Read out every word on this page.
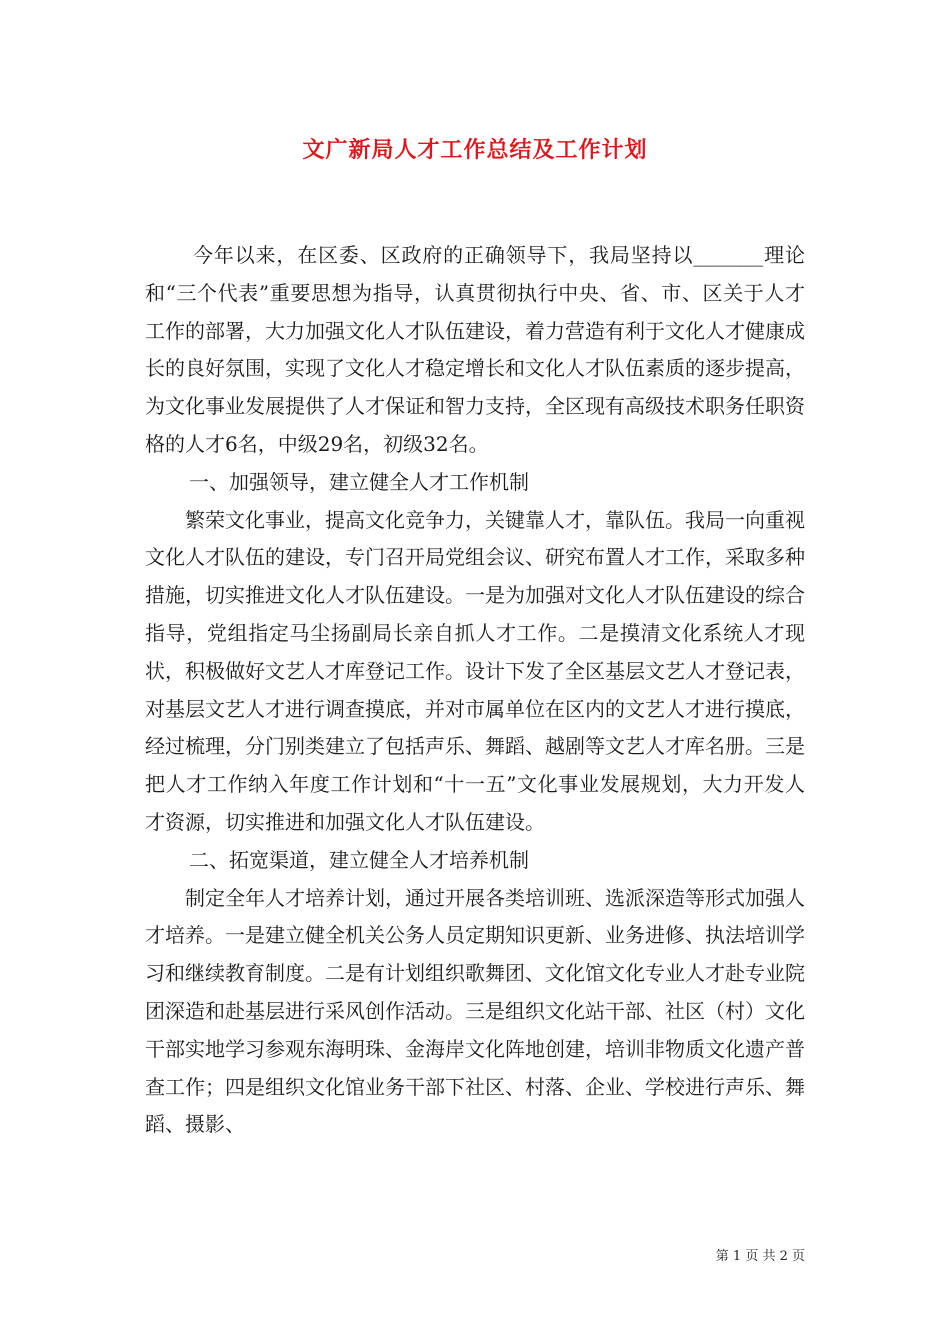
文广新局人才工作总结及工作计划

今年以来，在区委、区政府的正确领导下，我局坚持以_______理论和“三个代表”重要思想为指导，认真贯彻执行中央、省、市、区关于人才工作的部署，大力加强文化人才队伍建设，着力营造有利于文化人才健康成长的良好氛围，实现了文化人才稳定增长和文化人才队伍素质的逐步提高，为文化事业发展提供了人才保证和智力支持，全区现有高级技术职务任职资格的人才6名，中级29名，初级32名。

一、加强领导，建立健全人才工作机制

繁荣文化事业，提高文化竞争力，关键靠人才，靠队伍。我局一向重视文化人才队伍的建设，专门召开局党组会议、研究布置人才工作，采取多种措施，切实推进文化人才队伍建设。一是为加强对文化人才队伍建设的综合指导，党组指定马尘扬副局长亲自抓人才工作。二是摸清文化系统人才现状，积极做好文艺人才库登记工作。设计下发了全区基层文艺人才登记表，对基层文艺人才进行调查摸底，并对市属单位在区内的文艺人才进行摸底，经过梳理，分门别类建立了包括声乐、舞蹈、越剧等文艺人才库名册。三是把人才工作纳入年度工作计划和“十一五”文化事业发展规划，大力开发人才资源，切实推进和加强文化人才队伍建设。

二、拓宽渠道，建立健全人才培养机制

制定全年人才培养计划，通过开展各类培训班、选派深造等形式加强人才培养。一是建立健全机关公务人员定期知识更新、业务进修、执法培训学习和继续教育制度。二是有计划组织歌舞团、文化馆文化专业人才赴专业院团深造和赴基层进行采风创作活动。三是组织文化站干部、社区（村）文化干部实地学习参观东海明珠、金海岸文化阵地创建，培训非物质文化遗产普查工作；四是组织文化馆业务干部下社区、村落、企业、学校进行声乐、舞蹈、摄影、

第 1 页 共 2 页
